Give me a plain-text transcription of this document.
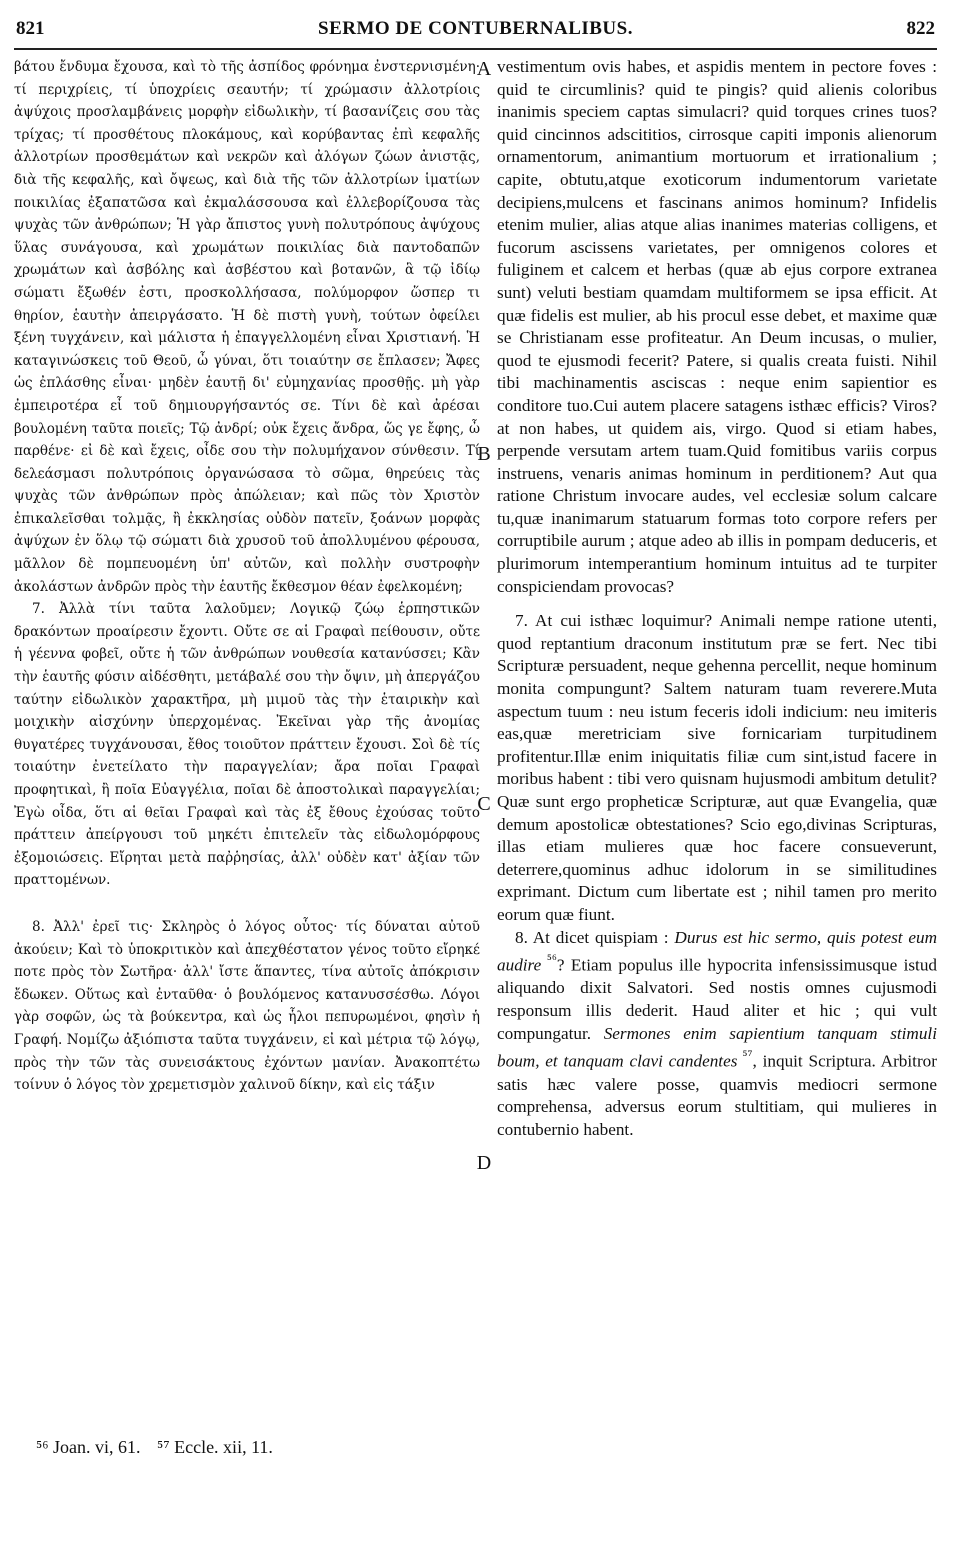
821	SERMO DE CONTUBERNALIBUS.	822

βάτου ἔνδυμα ἔχουσα, καὶ τὸ τῆς ἀσπίδος φρόνημα ἐνστερνισμένη· τί περιχρίεις, τί ὑποχρίεις σεαυτήν; τί χρώμασιν ἀλλοτρίοις ἀψύχοις προσλαμβάνεις μορφὴν εἰδωλικὴν, τί βασανίζεις σου τὰς τρίχας; τί προσθέτους πλοκάμους, καὶ κορύβαντας ἐπὶ κεφαλῆς ἀλλοτρίων προσθεμάτων καὶ νεκρῶν καὶ ἀλόγων ζώων ἀνιστᾷς, διὰ τῆς κεφαλῆς, καὶ ὄψεως, καὶ διὰ τῆς τῶν ἀλλοτρίων ἱματίων ποικιλίας ἐξαπατῶσα καὶ ἐκμαλάσσουσα καὶ ἐλλεβορίζουσα τὰς ψυχὰς τῶν ἀνθρώπων; Ἡ γὰρ ἄπιστος γυνὴ πολυτρόπους ἀψύχους ὕλας συνάγουσα, καὶ χρωμάτων ποικιλίας διὰ παντοδαπῶν χρωμάτων καὶ ἀσβόλης καὶ ἀσβέστου καὶ βοτανῶν, ἃ τῷ ἰδίῳ σώματι ἔξωθέν ἐστι, προσκολλήσασα, πολύμορφον ὥσπερ τι θηρίον, ἑαυτὴν ἀπειργάσατο. Ἡ δὲ πιστὴ γυνὴ, τούτων ὀφείλει ξένη τυγχάνειν, καὶ μάλιστα ἡ ἐπαγγελλομένη εἶναι Χριστιανή. Ἡ καταγινώσκεις τοῦ Θεοῦ, ὦ γύναι, ὅτι τοιαύτην σε ἔπλασεν; Ἄφες ὡς ἐπλάσθης εἶναι· μηδὲν ἑαυτῇ δι' εὐμηχανίας προσθῇς. μὴ γὰρ ἐμπειροτέρα εἶ τοῦ δημιουργήσαντός σε. Τίνι δὲ καὶ ἀρέσαι βουλομένη ταῦτα ποιεῖς; Τῷ ἀνδρί; οὐκ ἔχεις ἄνδρα, ὥς γε ἔφης, ὦ παρθένε· εἰ δὲ καὶ ἔχεις, οἶδε σου τὴν πολυμήχανον σύνθεσιν. Τί δελεάσμασι πολυτρόποις ὀργανώσασα τὸ σῶμα, θηρεύεις τὰς ψυχὰς τῶν ἀνθρώπων πρὸς ἀπώλειαν; καὶ πῶς τὸν Χριστὸν ἐπικαλεῖσθαι τολμᾷς, ἢ ἐκκλησίας οὐδὸν πατεῖν, ξοάνων μορφὰς ἀψύχων ἐν ὅλῳ τῷ σώματι διὰ χρυσοῦ τοῦ ἀπολλυμένου φέρουσα, μᾶλλον δὲ πομπευομένη ὑπ' αὐτῶν, καὶ πολλὴν συστροφὴν ἀκολάστων ἀνδρῶν πρὸς τὴν ἑαυτῆς ἔκθεσμον θέαν ἐφελκομένη;

7. Ἀλλὰ τίνι ταῦτα λαλοῦμεν; Λογικῷ ζώῳ ἑρπηστικῶν δρακόντων προαίρεσιν ἔχοντι. Οὔτε σε αἱ Γραφαὶ πείθουσιν, οὔτε ἡ γέεννα φοβεῖ, οὔτε ἡ τῶν ἀνθρώπων νουθεσία κατανύσσει; Κἂν τὴν ἑαυτῆς φύσιν αἰδέσθητι, μετάβαλέ σου τὴν ὄψιν, μὴ ἀπεργάζου ταύτην εἰδωλικὸν χαρακτῆρα, μὴ μιμοῦ τὰς τὴν ἑταιρικὴν καὶ μοιχικὴν αἰσχύνην ὑπερχομένας. Ἐκεῖναι γὰρ τῆς ἀνομίας θυγατέρες τυγχάνουσαι, ἔθος τοιοῦτον πράττειν ἔχουσι. Σοὶ δὲ τίς τοιαύτην ἐνετείλατο τὴν παραγγελίαν; ἄρα ποῖαι Γραφαὶ προφητικαὶ, ἢ ποῖα Εὐαγγέλια, ποῖαι δὲ ἀποστολικαὶ παραγγελίαι; Ἐγὼ οἶδα, ὅτι αἱ θεῖαι Γραφαὶ καὶ τὰς ἐξ ἔθους ἐχούσας τοῦτο πράττειν ἀπείργουσι τοῦ μηκέτι ἐπιτελεῖν τὰς εἰδωλομόρφους ἐξομοιώσεις. Εἴρηται μετὰ παῤῥησίας, ἀλλ' οὐδὲν κατ' ἀξίαν τῶν πραττομένων.

8. Ἀλλ' ἐρεῖ τις· Σκληρὸς ὁ λόγος οὗτος· τίς δύναται αὐτοῦ ἀκούειν; Καὶ τὸ ὑποκριτικὸν καὶ ἀπεχθέστατον γένος τοῦτο εἴρηκέ ποτε πρὸς τὸν Σωτῆρα· ἀλλ' ἴστε ἅπαντες, τίνα αὐτοῖς ἀπόκρισιν ἔδωκεν. Οὕτως καὶ ἐνταῦθα· ὁ βουλόμενος κατανυσσέσθω. Λόγοι γὰρ σοφῶν, ὡς τὰ βούκεντρα, καὶ ὡς ἧλοι πεπυρωμένοι, φησὶν ἡ Γραφή. Νομίζω ἀξιόπιστα ταῦτα τυγχάνειν, εἰ καὶ μέτρια τῷ λόγῳ, πρὸς τὴν τῶν τὰς συνεισάκτους ἐχόντων μανίαν. Ἀνακοπτέτω τοίνυν ὁ λόγος τὸν χρεμετισμὸν χαλινοῦ δίκην, καὶ εἰς τάξιν

A
B
C
D

vestimentum ovis habes, et aspidis mentem in pectore foves : quid te circumlinis? quid te pingis? quid alienis coloribus inanimis speciem captas simulacri? quid torques crines tuos? quid cincinnos adscititios, cirrosque capiti imponis alienorum ornamentorum, animantium mortuorum et irrationalium ; capite, obtutu,atque exoticorum indumentorum varietate decipiens,mulcens et fascinans animos hominum? Infidelis etenim mulier, alias atque alias inanimes materias colligens, et fucorum ascissens varietates, per omnigenos colores et fuliginem et calcem et herbas (quæ ab ejus corpore extranea sunt) veluti bestiam quamdam multiformem se ipsa efficit. At quæ fidelis est mulier, ab his procul esse debet, et maxime quæ se Christianam esse profiteatur. An Deum incusas, o mulier, quod te ejusmodi fecerit? Patere, si qualis creata fuisti. Nihil tibi machinamentis asciscas : neque enim sapientior es conditore tuo.Cui autem placere satagens isthæc efficis? Viros? at non habes, ut quidem ais, virgo. Quod si etiam habes, perpende versutam artem tuam.Quid fomitibus variis corpus instruens, venaris animas hominum in perditionem? Aut qua ratione Christum invocare audes, vel ecclesiæ solum calcare tu,quæ inanimarum statuarum formas toto corpore refers per corruptibile aurum ; atque adeo ab illis in pompam deduceris, et plurimorum intemperantium hominum intuitus ad te turpiter conspiciendam provocas?

7. At cui isthæc loquimur? Animali nempe ratione utenti, quod reptantium draconum institutum præ se fert. Nec tibi Scripturæ persuadent, neque gehenna percellit, neque hominum monita compungunt? Saltem naturam tuam reverere.Muta aspectum tuum : neu istum feceris idoli indicium: neu imiteris eas,quæ meretriciam sive fornicariam turpitudinem profitentur.Illæ enim iniquitatis filiæ cum sint,istud facere in moribus habent : tibi vero quisnam hujusmodi ambitum detulit? Quæ sunt ergo propheticæ Scripturæ, aut quæ Evangelia, quæ demum apostolicæ obtestationes? Scio ego,divinas Scripturas, illas etiam mulieres quæ hoc facere consueverunt, deterrere,quominus adhuc idolorum in se similitudines exprimant. Dictum cum libertate est ; nihil tamen pro merito eorum quæ fiunt.

8. At dicet quispiam : Durus est hic sermo, quis potest eum audire $^{^{56}}$? Etiam populus ille hypocrita infensissimusque istud aliquando dixit Salvatori. Sed nostis omnes cujusmodi responsum illis dederit. Haud aliter et hic ; qui vult compungatur. Sermones enim sapientium tanquam stimuli boum, et tanquam clavi candentes $^{^{57}}$, inquit Scriptura. Arbitror satis hæc valere posse, quamvis mediocri sermone comprehensa, adversus eorum stultitiam, qui mulieres in contubernio habent.

⁵⁶ Joan. vi, 61. ⁵⁷ Eccle. xii, 11.
